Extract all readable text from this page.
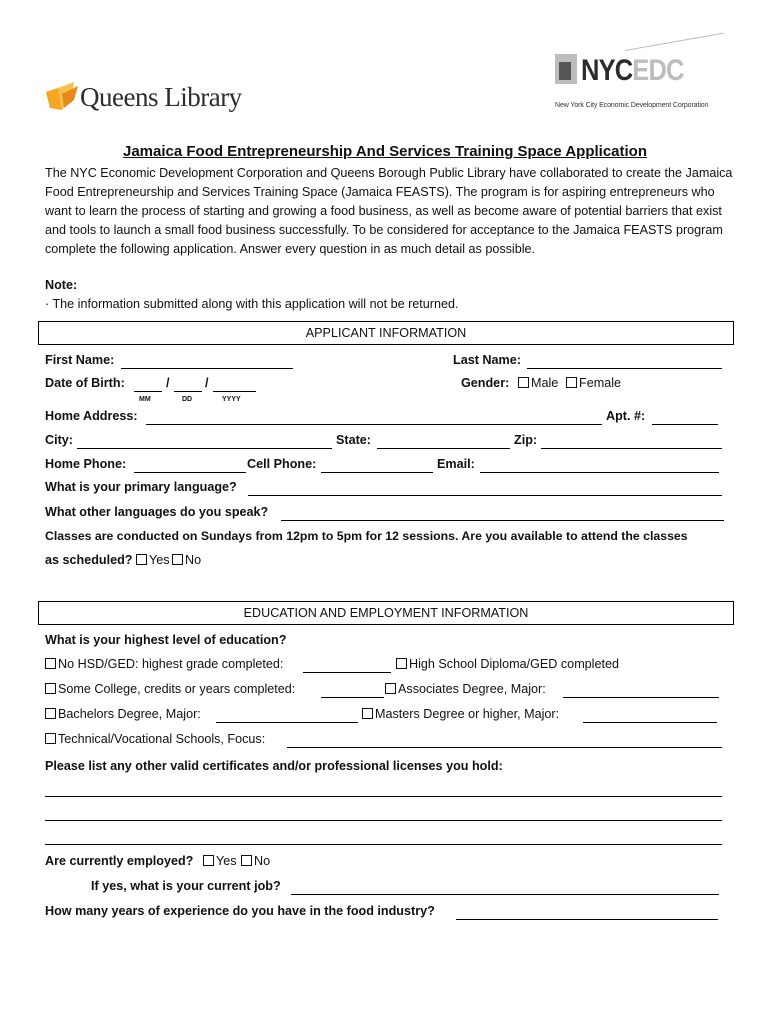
Queens Library
NYCEDC
New York City Economic Development Corporation
Jamaica Food Entrepreneurship And Services Training Space Application
The NYC Economic Development Corporation and Queens Borough Public Library have collaborated to create the Jamaica Food Entrepreneurship and Services Training Space (Jamaica FEASTS). The program is for aspiring entrepreneurs who want to learn the process of starting and growing a food business, as well as become aware of potential barriers that exist and tools to launch a small food business successfully. To be considered for acceptance to the Jamaica FEASTS program complete the following application. Answer every question in as much detail as possible.
Note:
· The information submitted along with this application will not be returned.
APPLICANT INFORMATION
First Name:	Last Name:
Date of Birth:	/	/
MM	DD	YYYY
Gender:	Male	Female
Home Address:	Apt. #:
City:	State:	Zip:
Home Phone:	Cell Phone:	Email:
What is your primary language?
What other languages do you speak?
Classes are conducted on Sundays from 12pm to 5pm for 12 sessions. Are you available to attend the classes
as scheduled?	Yes	No
EDUCATION AND EMPLOYMENT INFORMATION
What is your highest level of education?
No HSD/GED: highest grade completed:	High School Diploma/GED completed
Some College, credits or years completed:	Associates Degree, Major:
Bachelors Degree, Major:	Masters Degree or higher, Major:
Technical/Vocational Schools, Focus:
Please list any other valid certificates and/or professional licenses you hold:
Are currently employed?	Yes	No
If yes, what is your current job?
How many years of experience do you have in the food industry?
